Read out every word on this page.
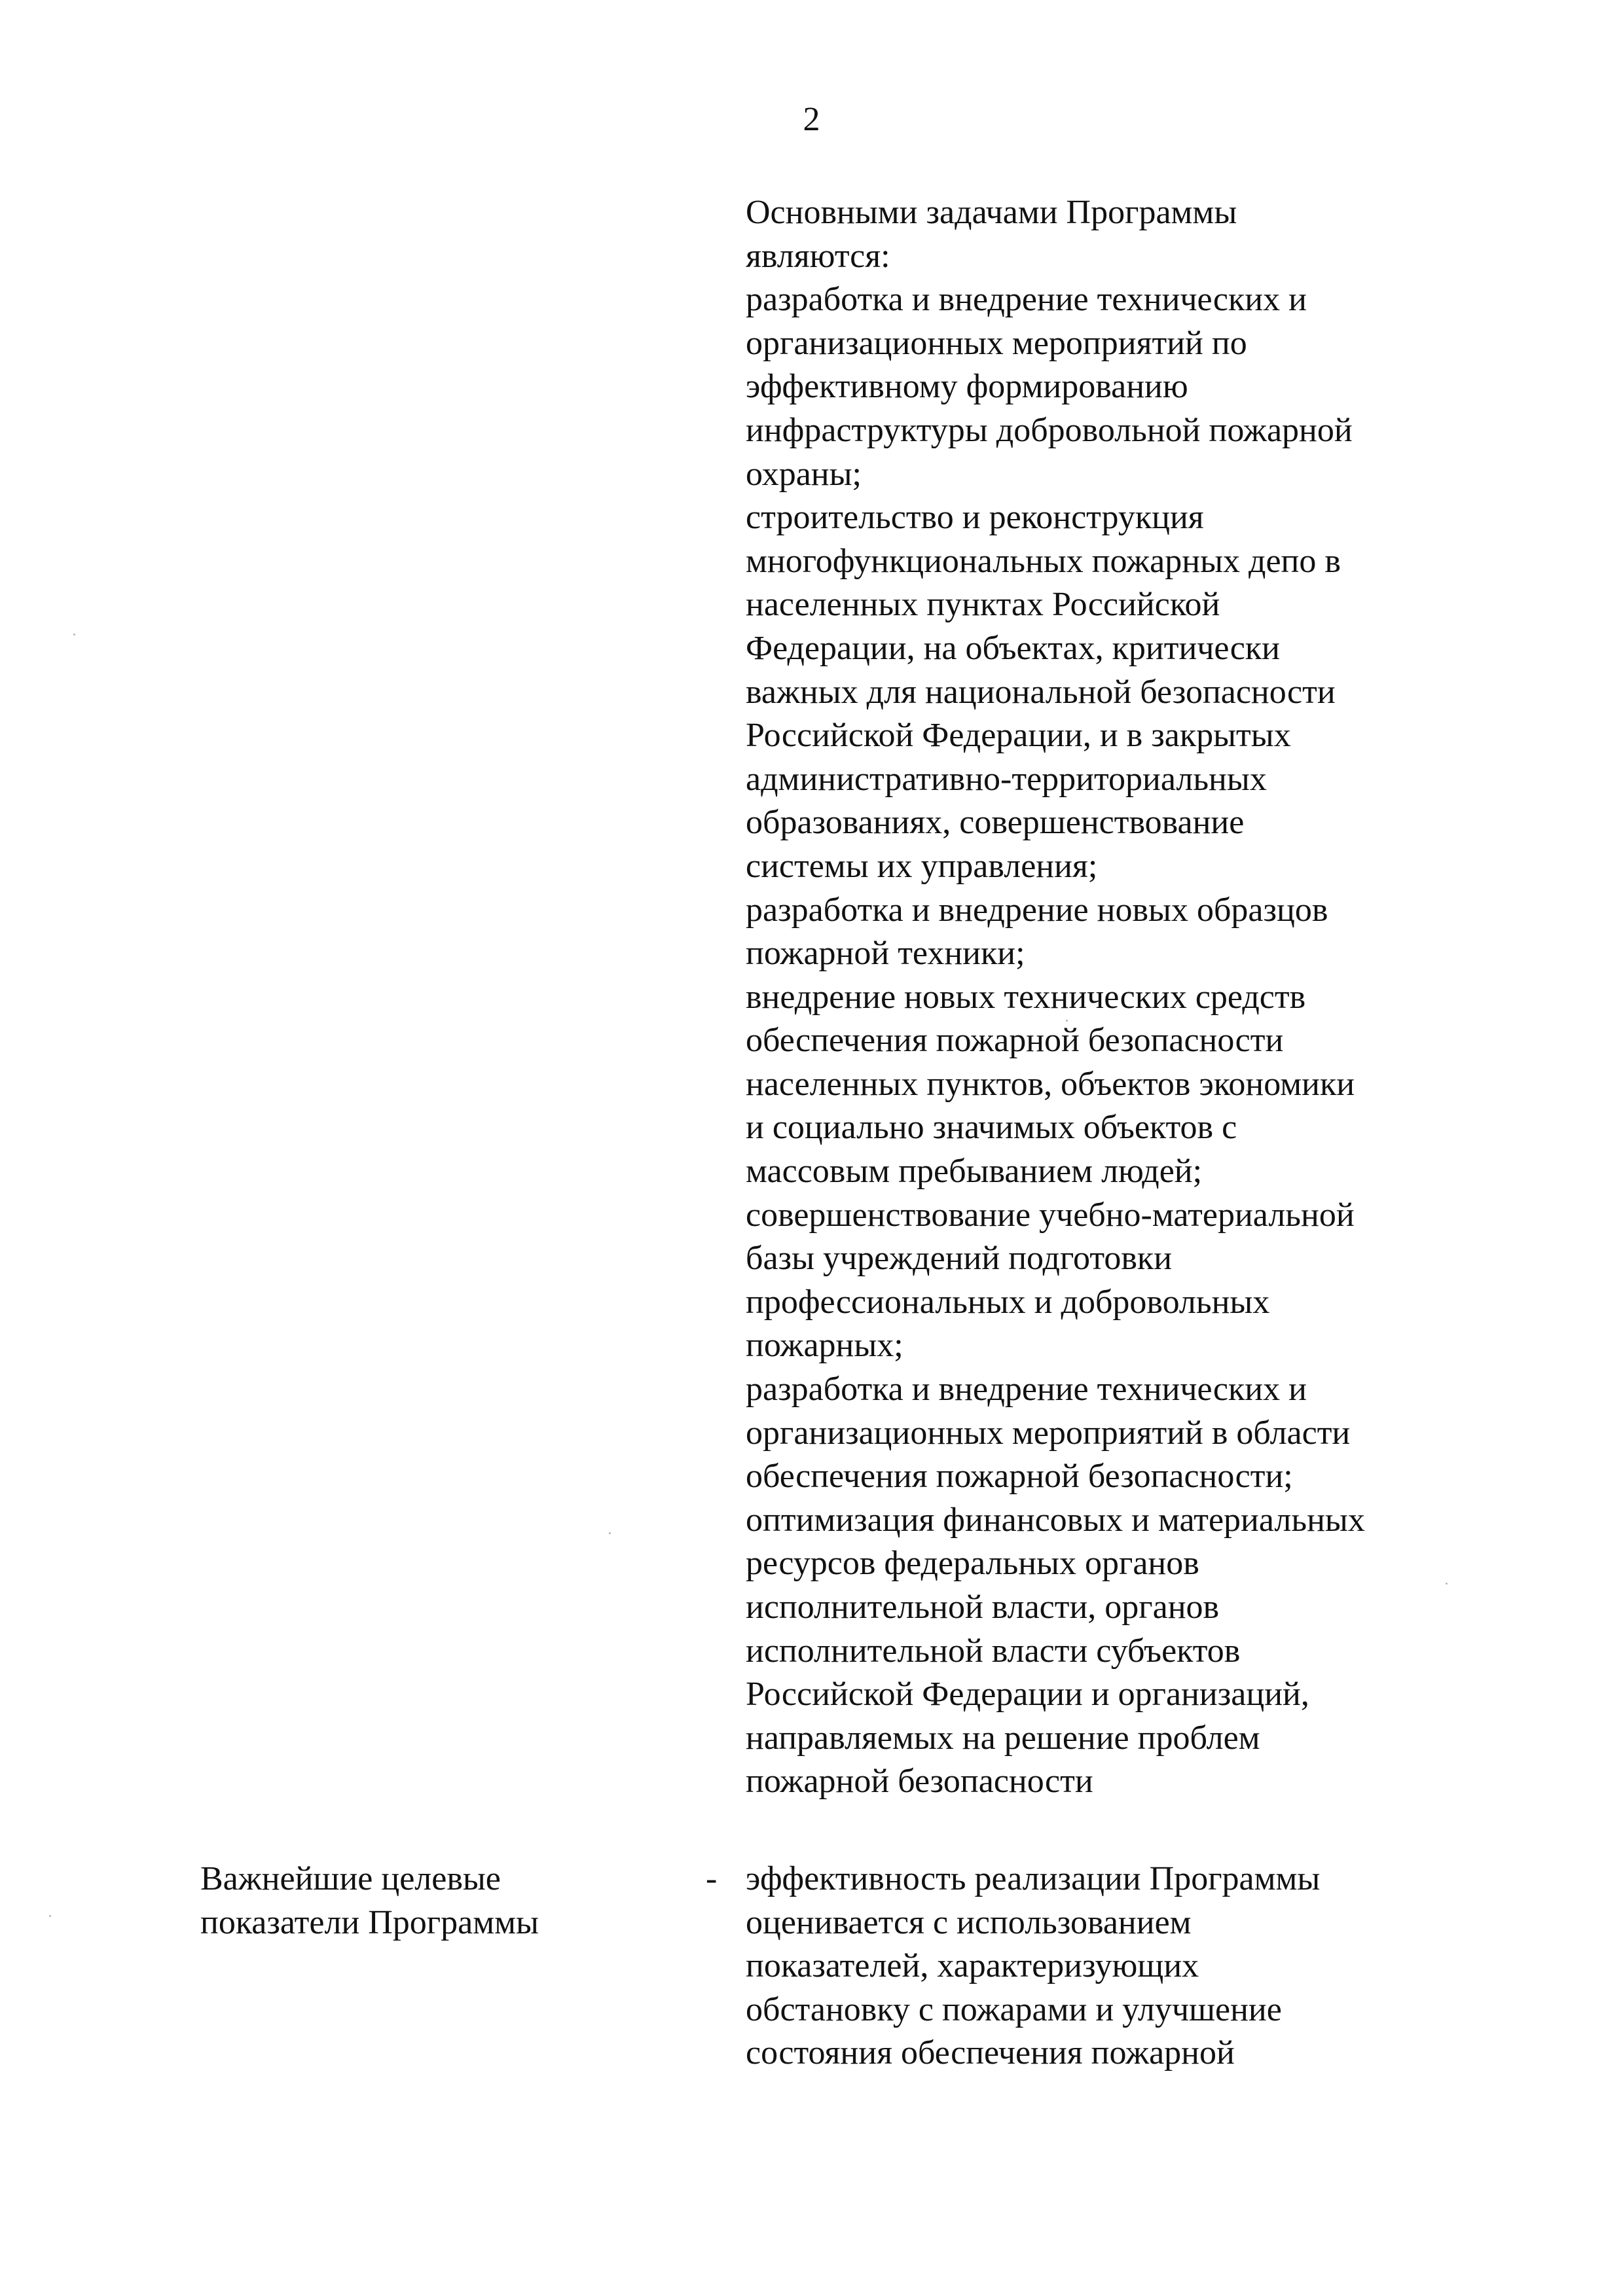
2
Основными задачами Программы
являются:
разработка и внедрение технических и
организационных мероприятий по
эффективному формированию
инфраструктуры добровольной пожарной
охраны;
строительство и реконструкция
многофункциональных пожарных депо в
населенных пунктах Российской
Федерации, на объектах, критически
важных для национальной безопасности
Российской Федерации, и в закрытых
административно-территориальных
образованиях, совершенствование
системы их управления;
разработка и внедрение новых образцов
пожарной техники;
внедрение новых технических средств
обеспечения пожарной безопасности
населенных пунктов, объектов экономики
и социально значимых объектов с
массовым пребыванием людей;
совершенствование учебно-материальной
базы учреждений подготовки
профессиональных и добровольных
пожарных;
разработка и внедрение технических и
организационных мероприятий в области
обеспечения пожарной безопасности;
оптимизация финансовых и материальных
ресурсов федеральных органов
исполнительной власти, органов
исполнительной власти субъектов
Российской Федерации и организаций,
направляемых на решение проблем
пожарной безопасности
Важнейшие целевые
показатели Программы
- эффективность реализации Программы
оценивается с использованием
показателей, характеризующих
обстановку с пожарами и улучшение
состояния обеспечения пожарной
